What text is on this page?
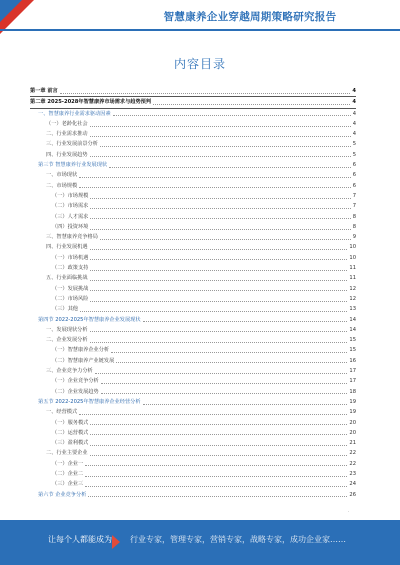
智慧康养企业穿越周期策略研究报告
内容目录
第一章 前言	4
第二章 2025-2028年智慧康养市场需求与趋势预判	4
一、智慧康养行业需求驱动因素	4
（一）老龄化社会	4
二、行业需求推动	4
三、行业发展前景分析	5
四、行业发展趋势	5
第三节 智慧康养行业发展现状	6
一、市场现状	6
二、市场规模	6
（一）市场规模	7
（二）市场需求	7
（三）人才需求	8
（四）投资环境	8
三、智慧康养竞争格局	9
四、行业发展机遇	10
（一）市场机遇	10
（二）政策支持	11
五、行业面临挑战	11
（一）发展挑战	12
（二）市场风险	12
（三）其他	13
第四节 2022-2025年智慧康养企业发展现状	14
一、发展现状分析	14
二、企业发展分析	15
（一）智慧康养企业分析	15
（二）智慧康养产业链发展	16
三、企业竞争力分析	17
（一）企业竞争分析	17
（二）企业发展趋势	18
第五节 2022-2025年智慧康养企业经营分析	19
一、经营模式	19
（一）服务模式	20
（二）运营模式	20
（三）盈利模式	21
二、行业主要企业	22
（一）企业一	22
（二）企业二	23
（三）企业三	24
第六节 企业竞争分析	26
.
让每个人都能成为 行业专家，管理专家，营销专家，战略专家，成功企业家……
